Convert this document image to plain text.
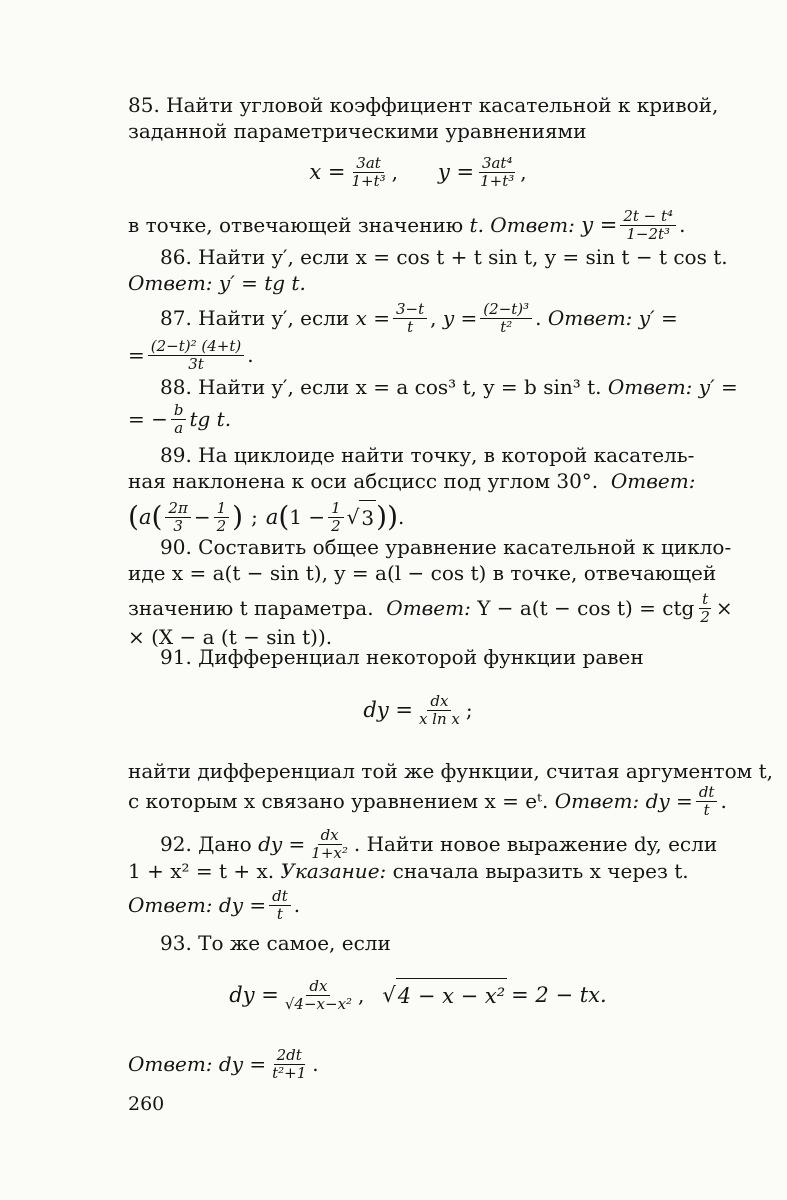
85. Найти угловой коэффициент касательной к кривой,
заданной параметрическими уравнениями
$x = \frac{3at}{\text{1+t³}}$ , $y = \frac{\text{3at⁴}}{\text{1+t³}}$ ,
в точке, отвечающей значению
t.
Ответ:
$y = \frac{\text{2t − t⁴}}{\text{1−2t³}}$ .
86. Найти y′, если x = cos t + t sin t, y = sin t − t cos t.
Ответ:
y′ = tg t.
87. Найти y′, если
$x = \frac{3-t}{t}$ ,
$y = \frac{\text{(2−t)³}}{\text{t²}}$ .
Ответ:
y′ =
= $\frac{\text{(2−t)² (4+t)}}{3t}$ .
88. Найти y′, если x = a cos³ t, y = b sin³ t.
Ответ:
y′ =
= − $\frac{b}{a}$ tg t.
89. На циклоиде найти точку, в которой касатель-
ная наклонена к оси абсцисс под углом 30°.
Ответ:
( a ( $\frac{2\pi}{3} - \frac{1}{2}$ ) ; a ( $1 - \frac{1}{2}$ √ 3 )) .
90. Составить общее уравнение касательной к цикло-
иде x = a(t − sin t), y = a(l − cos t) в точке, отвечающей
значению t параметра.
Ответ:
Y − a(t − cos t) = ctg $\frac{t}{2}$ ×
× (X − a (t − sin t)).
91. Дифференциал некоторой функции равен
dy = $\frac{dx}{\text{x ln x}}$ ;
найти дифференциал той же функции, считая аргументом t,
с которым x связано уравнением x = eᵗ.
Ответ:
dy = $\frac{dt}{t}$ .
92. Дано
dy = $\frac{dx}{\text{1+x²}}$ . Найти новое выражение dy, если
1 + x² = t + x.
Указание:
сначала выразить x через t.
Ответ:
dy = $\frac{dt}{t}$ .
93. То же самое, если
dy = $\frac{dx}{\text{√4−x−x²}}$ , √ 4 − x − x² = 2 − tx.
Ответ:
dy = $\frac{2dt}{\text{t²+1}}$ .
260
